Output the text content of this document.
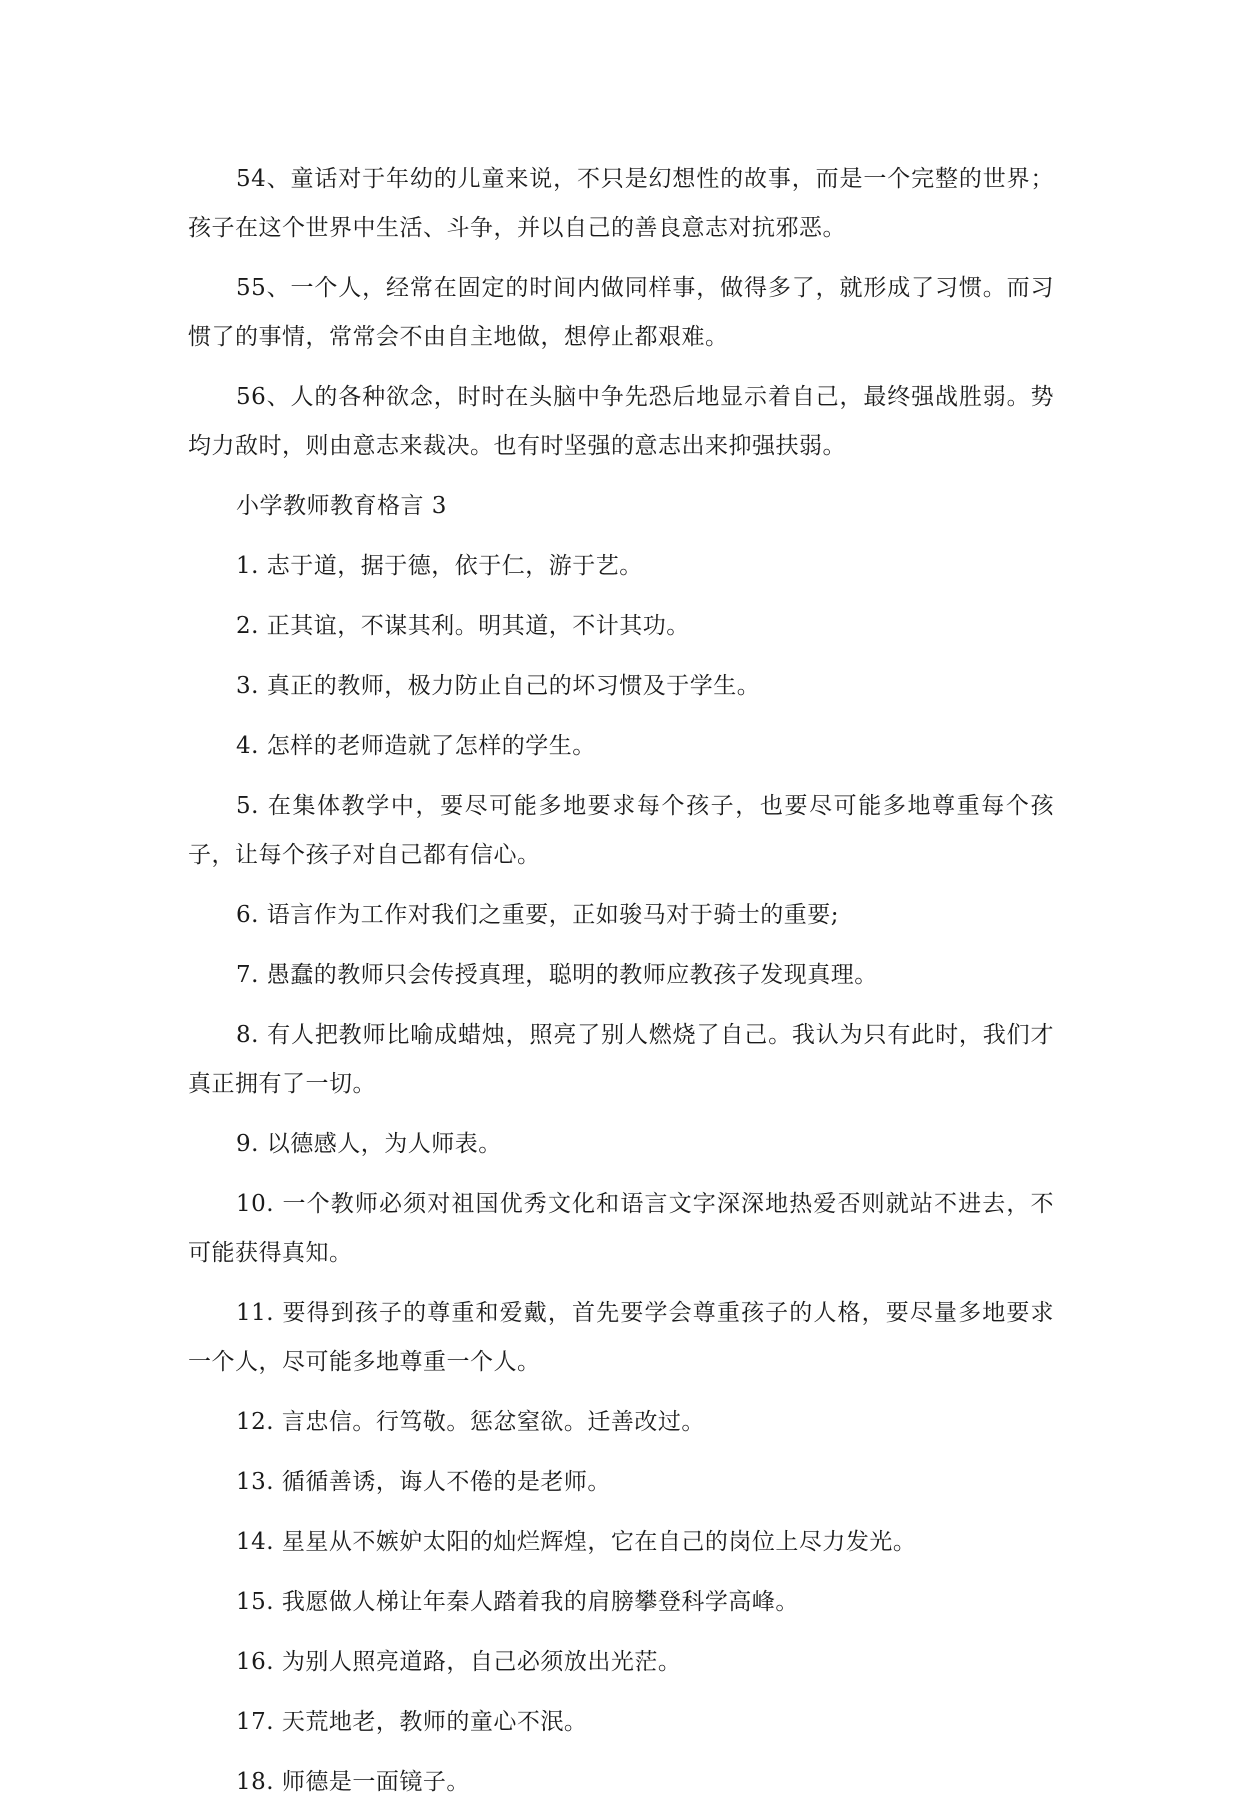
54、童话对于年幼的儿童来说，不只是幻想性的故事，而是一个完整的世界；孩子在这个世界中生活、斗争，并以自己的善良意志对抗邪恶。

55、一个人，经常在固定的时间内做同样事，做得多了，就形成了习惯。而习惯了的事情，常常会不由自主地做，想停止都艰难。

56、人的各种欲念，时时在头脑中争先恐后地显示着自己，最终强战胜弱。势均力敌时，则由意志来裁决。也有时坚强的意志出来抑强扶弱。

小学教师教育格言 3

1. 志于道，据于德，依于仁，游于艺。

2. 正其谊，不谋其利。明其道，不计其功。

3. 真正的教师，极力防止自己的坏习惯及于学生。

4. 怎样的老师造就了怎样的学生。

5. 在集体教学中，要尽可能多地要求每个孩子，也要尽可能多地尊重每个孩子，让每个孩子对自己都有信心。

6. 语言作为工作对我们之重要，正如骏马对于骑士的重要;

7. 愚蠢的教师只会传授真理，聪明的教师应教孩子发现真理。

8. 有人把教师比喻成蜡烛，照亮了别人燃烧了自己。我认为只有此时，我们才真正拥有了一切。

9. 以德感人，为人师表。

10. 一个教师必须对祖国优秀文化和语言文字深深地热爱否则就站不进去，不可能获得真知。

11. 要得到孩子的尊重和爱戴，首先要学会尊重孩子的人格，要尽量多地要求一个人，尽可能多地尊重一个人。

12. 言忠信。行笃敬。惩忿窒欲。迁善改过。

13. 循循善诱，诲人不倦的是老师。

14. 星星从不嫉妒太阳的灿烂辉煌，它在自己的岗位上尽力发光。

15. 我愿做人梯让年秦人踏着我的肩膀攀登科学高峰。

16. 为别人照亮道路，自己必须放出光茫。

17. 天荒地老，教师的童心不泯。

18. 师德是一面镜子。
